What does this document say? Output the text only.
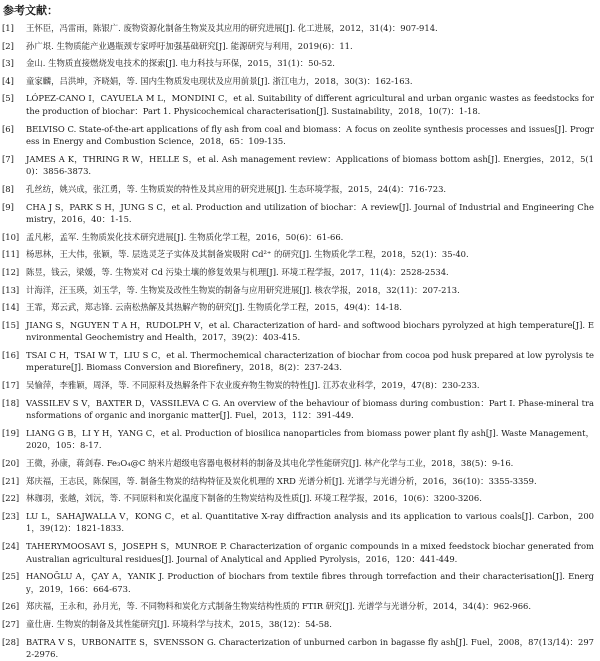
参考文献：
[1]	王怀臣，冯雷雨，陈银广. 废物资源化制备生物炭及其应用的研究进展[J]. 化工进展，2012，31(4)：907-914.
[2]	孙广垠. 生物质能产业遇瓶颈专家呼吁加强基础研究[J]. 能源研究与利用，2019(6)：11.
[3]	金山. 生物质直接燃烧发电技术的探索[J]. 电力科技与环保，2015，31(1)：50-52.
[4]	童家麟，吕洪坤，齐晓娟，等. 国内生物质发电现状及应用前景[J]. 浙江电力，2018，30(3)：162-163.
[5]	LÓPEZ-CANO I，CAYUELA M L，MONDINI C，et al. Suitability of different agricultural and urban organic wastes as feedstocks for the production of biochar：Part 1. Physicochemical characterisation[J]. Sustainability，2018，10(7)：1-18.
[6]	BELVISO C. State-of-the-art applications of fly ash from coal and biomass：A focus on zeolite synthesis processes and issues[J]. Progress in Energy and Combustion Science，2018，65：109-135.
[7]	JAMES A K，THRING R W，HELLE S，et al. Ash management review：Applications of biomass bottom ash[J]. Energies，2012，5(10)：3856-3873.
[8]	孔丝纺，姚兴成，张江勇，等. 生物质炭的特性及其应用的研究进展[J]. 生态环境学报，2015，24(4)：716-723.
[9]	CHA J S，PARK S H，JUNG S C，et al. Production and utilization of biochar：A review[J]. Journal of Industrial and Engineering Chemistry，2016，40：1-15.
[10] 孟凡彬，孟军. 生物质炭化技术研究进展[J]. 生物质化学工程，2016，50(6)：61-66.
[11] 杨思林，王大伟，张颖，等. 层选灵芝子实体及其制备炭吸附 Cd²⁺ 的研究[J]. 生物质化学工程，2018，52(1)：35-40.
[12] 陈昱，钱云，梁媛，等. 生物炭对 Cd 污染土壤的修复效果与机理[J]. 环境工程学报，2017，11(4)：2528-2534.
[13] 计海洋，汪玉瑛，刘玉学，等. 生物炭及改性生物炭的制备与应用研究进展[J]. 核农学报，2018，32(11)：207-213.
[14] 王霏，郑云武，郑志锋. 云南松热解及其热解产物的研究[J]. 生物质化学工程，2015，49(4)：14-18.
[15] JIANG S，NGUYEN T A H，RUDOLPH V，et al. Characterization of hard- and softwood biochars pyrolyzed at high temperature[J]. Environmental Geochemistry and Health，2017，39(2)：403-415.
[16] TSAI C H，TSAI W T，LIU S C，et al. Thermochemical characterization of biochar from cocoa pod husk prepared at low pyrolysis temperature[J]. Biomass Conversion and Biorefinery，2018，8(2)：237-243.
[17] 吴愉萍，李雅颖，周泽，等. 不同原料及热解条件下农业废弃物生物炭的特性[J]. 江苏农业科学，2019，47(8)：230-233.
[18] VASSILEV S V，BAXTER D，VASSILEVA C G. An overview of the behaviour of biomass during combustion：Part I. Phase-mineral transformations of organic and inorganic matter[J]. Fuel，2013，112：391-449.
[19] LIANG G B，LI Y H，YANG C，et al. Production of biosilica nanoparticles from biomass power plant fly ash[J]. Waste Management，2020，105：8-17.
[20] 王微，孙康，蒋剑春. Fe₃O₄@C 纳米片超级电容器电极材料的制备及其电化学性能研究[J]. 林产化学与工业，2018，38(5)：9-16.
[21] 郑庆福，王志民，陈保国，等. 制备生物炭的结构特征及炭化机理的 XRD 光谱分析[J]. 光谱学与光谱分析，2016，36(10)：3355-3359.
[22] 林珈羽，张越，刘沅，等. 不同原料和炭化温度下制备的生物炭结构及性质[J]. 环境工程学报，2016，10(6)：3200-3206.
[23] LU L，SAHAJWALLA V，KONG C，et al. Quantitative X-ray diffraction analysis and its application to various coals[J]. Carbon，2001，39(12)：1821-1833.
[24] TAHERYMOOSAVI S，JOSEPH S，MUNROE P. Characterization of organic compounds in a mixed feedstock biochar generated from Australian agricultural residues[J]. Journal of Analytical and Applied Pyrolysis，2016，120：441-449.
[25] HANOĞLU A，ÇAY A，YANIK J. Production of biochars from textile fibres through torrefaction and their characterisation[J]. Energy，2019，166：664-673.
[26] 郑庆福，王永和，孙月光，等. 不同物料和炭化方式制备生物炭结构性质的 FTIR 研究[J]. 光谱学与光谱分析，2014，34(4)：962-966.
[27] 童仕唐. 生物炭的制备及其性能研究[J]. 环境科学与技术，2015，38(12)：54-58.
[28] BATRA V S，URBONAITE S，SVENSSON G. Characterization of unburned carbon in bagasse fly ash[J]. Fuel，2008，87(13/14)：2972-2976.
